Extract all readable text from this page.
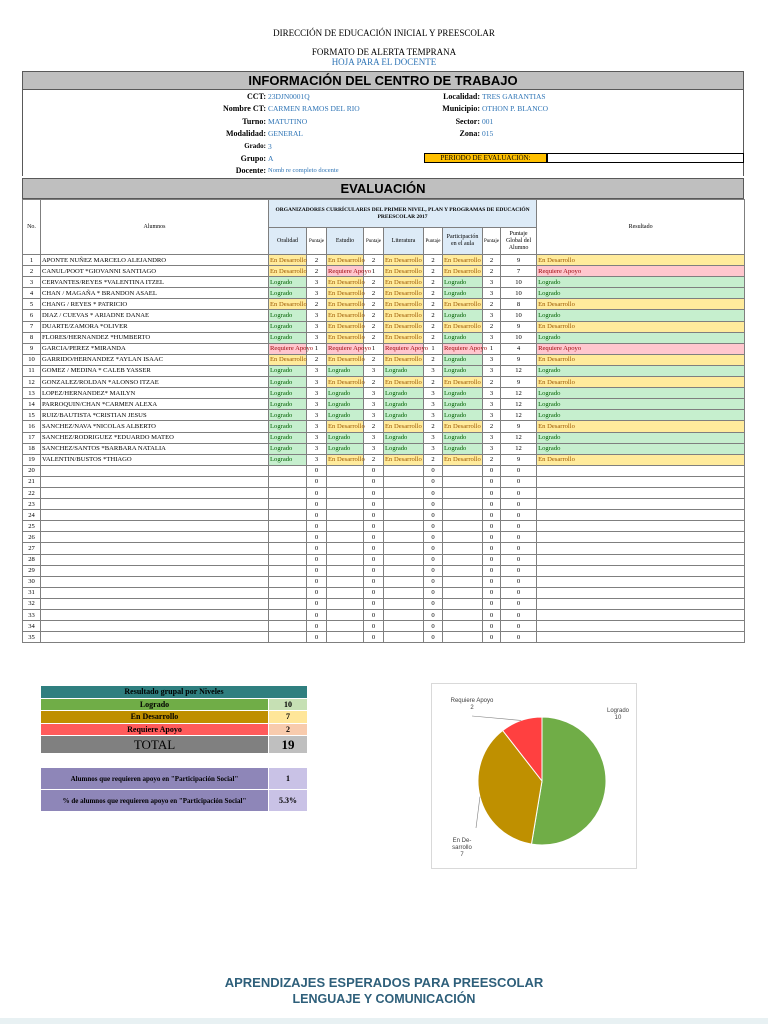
DIRECCIÓN DE EDUCACIÓN INICIAL Y PREESCOLAR
FORMATO DE ALERTA TEMPRANA
HOJA PARA EL DOCENTE
INFORMACIÓN DEL CENTRO DE TRABAJO
CCT: 23DJN0001Q
Nombre CT: CARMEN RAMOS DEL RIO
Turno: MATUTINO
Modalidad: GENERAL
Grado: 3
Grupo: A
Docente: Nomb re completo docente
Localidad: TRES GARANTIAS
Municipio: OTHON P. BLANCO
Sector: 001
Zona: 015
PERIODO DE EVALUACIÓN:
EVALUACIÓN
No.	Alumnos	ORGANIZADORES CURRÍCULARES DEL PRIMER NIVEL, PLAN Y PROGRAMAS DE EDUCACIÓN PREESCOLAR 2017									Resultado
		Oralidad	Puntaje	Estudio	Puntaje	Literatura	Puntaje	Participación en el aula	Puntaje	Puntaje Global del Alumno	
1	APONTE NUÑEZ MARCELO ALEJANDRO	En Desarrollo	2	En Desarrollo	2	En Desarrollo	2	En Desarrollo	2	9	En Desarrollo
2	CANUL/POOT *GIOVANNI SANTIAGO	En Desarrollo	2	Requiere Apoyo	1	En Desarrollo	2	En Desarrollo	2	7	Requiere Apoyo
3	CERVANTES/REYES *VALENTINA ITZEL	Logrado	3	En Desarrollo	2	En Desarrollo	2	Logrado	3	10	Logrado
4	CHAN / MAGAÑA * BRANDON ASAEL	Logrado	3	En Desarrollo	2	En Desarrollo	2	Logrado	3	10	Logrado
5	CHANG / REYES * PATRICIO	En Desarrollo	2	En Desarrollo	2	En Desarrollo	2	En Desarrollo	2	8	En Desarrollo
6	DIAZ / CUEVAS * ARIADNE DANAE	Logrado	3	En Desarrollo	2	En Desarrollo	2	Logrado	3	10	Logrado
7	DUARTE/ZAMORA *OLIVER	Logrado	3	En Desarrollo	2	En Desarrollo	2	En Desarrollo	2	9	En Desarrollo
8	FLORES/HERNANDEZ *HUMBERTO	Logrado	3	En Desarrollo	2	En Desarrollo	2	Logrado	3	10	Logrado
9	GARCIA/PEREZ *MIRANDA	Requiere Apoyo	1	Requiere Apoyo	1	Requiere Apoyo	1	Requiere Apoyo	1	4	Requiere Apoyo
10	GARRIDO/HERNANDEZ *AYLAN ISAAC	En Desarrollo	2	En Desarrollo	2	En Desarrollo	2	Logrado	3	9	En Desarrollo
11	GOMEZ / MEDINA * CALEB YASSER	Logrado	3	Logrado	3	Logrado	3	Logrado	3	12	Logrado
12	GONZALEZ/ROLDAN *ALONSO ITZAE	Logrado	3	En Desarrollo	2	En Desarrollo	2	En Desarrollo	2	9	En Desarrollo
13	LOPEZ/HERNANDEZ* MAILYN	Logrado	3	Logrado	3	Logrado	3	Logrado	3	12	Logrado
14	PARROQUIN/CHAN *CARMEN ALEXA	Logrado	3	Logrado	3	Logrado	3	Logrado	3	12	Logrado
15	RUIZ/BAUTISTA *CRISTIAN JESUS	Logrado	3	Logrado	3	Logrado	3	Logrado	3	12	Logrado
16	SANCHEZ/NAVA *NICOLAS ALBERTO	Logrado	3	En Desarrollo	2	En Desarrollo	2	En Desarrollo	2	9	En Desarrollo
17	SANCHEZ/RODRIGUEZ *EDUARDO MATEO	Logrado	3	Logrado	3	Logrado	3	Logrado	3	12	Logrado
18	SANCHEZ/SANTOS *BARBARA NATALIA	Logrado	3	Logrado	3	Logrado	3	Logrado	3	12	Logrado
19	VALENTIN/BUSTOS *THIAGO	Logrado	3	En Desarrollo	2	En Desarrollo	2	En Desarrollo	2	9	En Desarrollo
20			0		0		0		0	0	
21			0		0		0		0	0	
22			0		0		0		0	0	
23			0		0		0		0	0	
24			0		0		0		0	0	
25			0		0		0		0	0	
26			0		0		0		0	0	
27			0		0		0		0	0	
28			0		0		0		0	0	
29			0		0		0		0	0	
30			0		0		0		0	0	
31			0		0		0		0	0	
32			0		0		0		0	0	
33			0		0		0		0	0	
34			0		0		0		0	0	
35			0		0		0		0	0	
Resultado grupal por Niveles	
Logrado	10
En Desarrollo	7
Requiere Apoyo	2
TOTAL	19
Alumnos que requieren apoyo en "Participación Social"	1
% de alumnos que requieren apoyo en "Participación Social"	5.3%
Logrado 10
En De-sarrollo 7
Requiere Apoyo 2
APRENDIZAJES ESPERADOS PARA PREESCOLAR
LENGUAJE Y COMUNICACIÓN
